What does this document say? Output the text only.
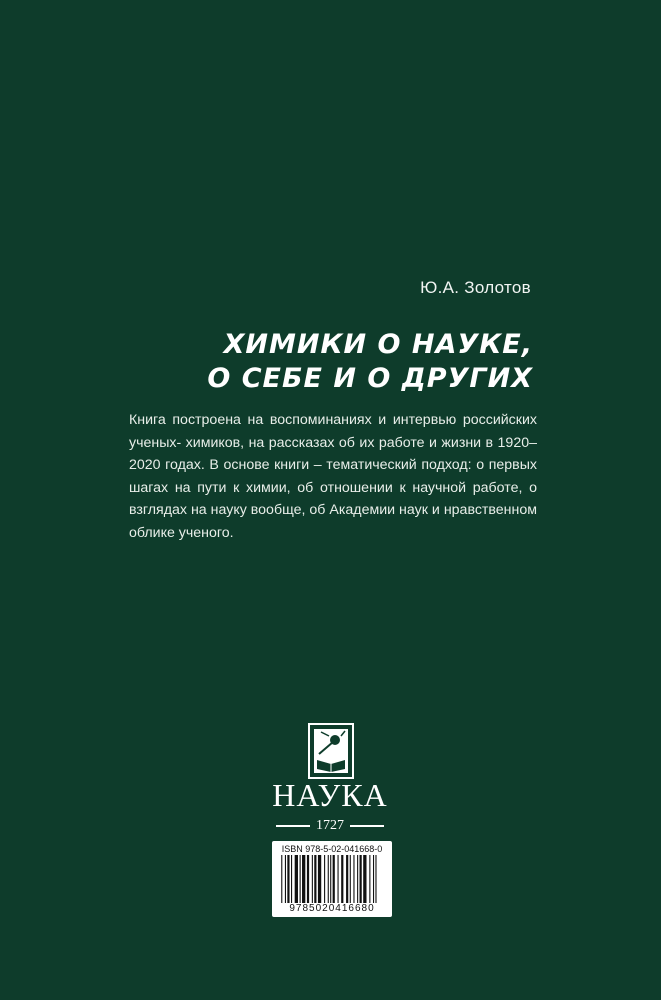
Ю.А. Золотов
ХИМИКИ О НАУКЕ,
О СЕБЕ И О ДРУГИХ
Книга построена на воспоминаниях и интервью российских ученых- химиков, на рассказах об их работе и жизни в 1920–2020 годах. В основе книги – тематический подход: о первых шагах на пути к химии, об отношении к научной работе, о взглядах на науку вообще, об Академии наук и нравственном облике ученого.
НАУКА
1727
ISBN 978-5-02-041668-0
9785020416680
